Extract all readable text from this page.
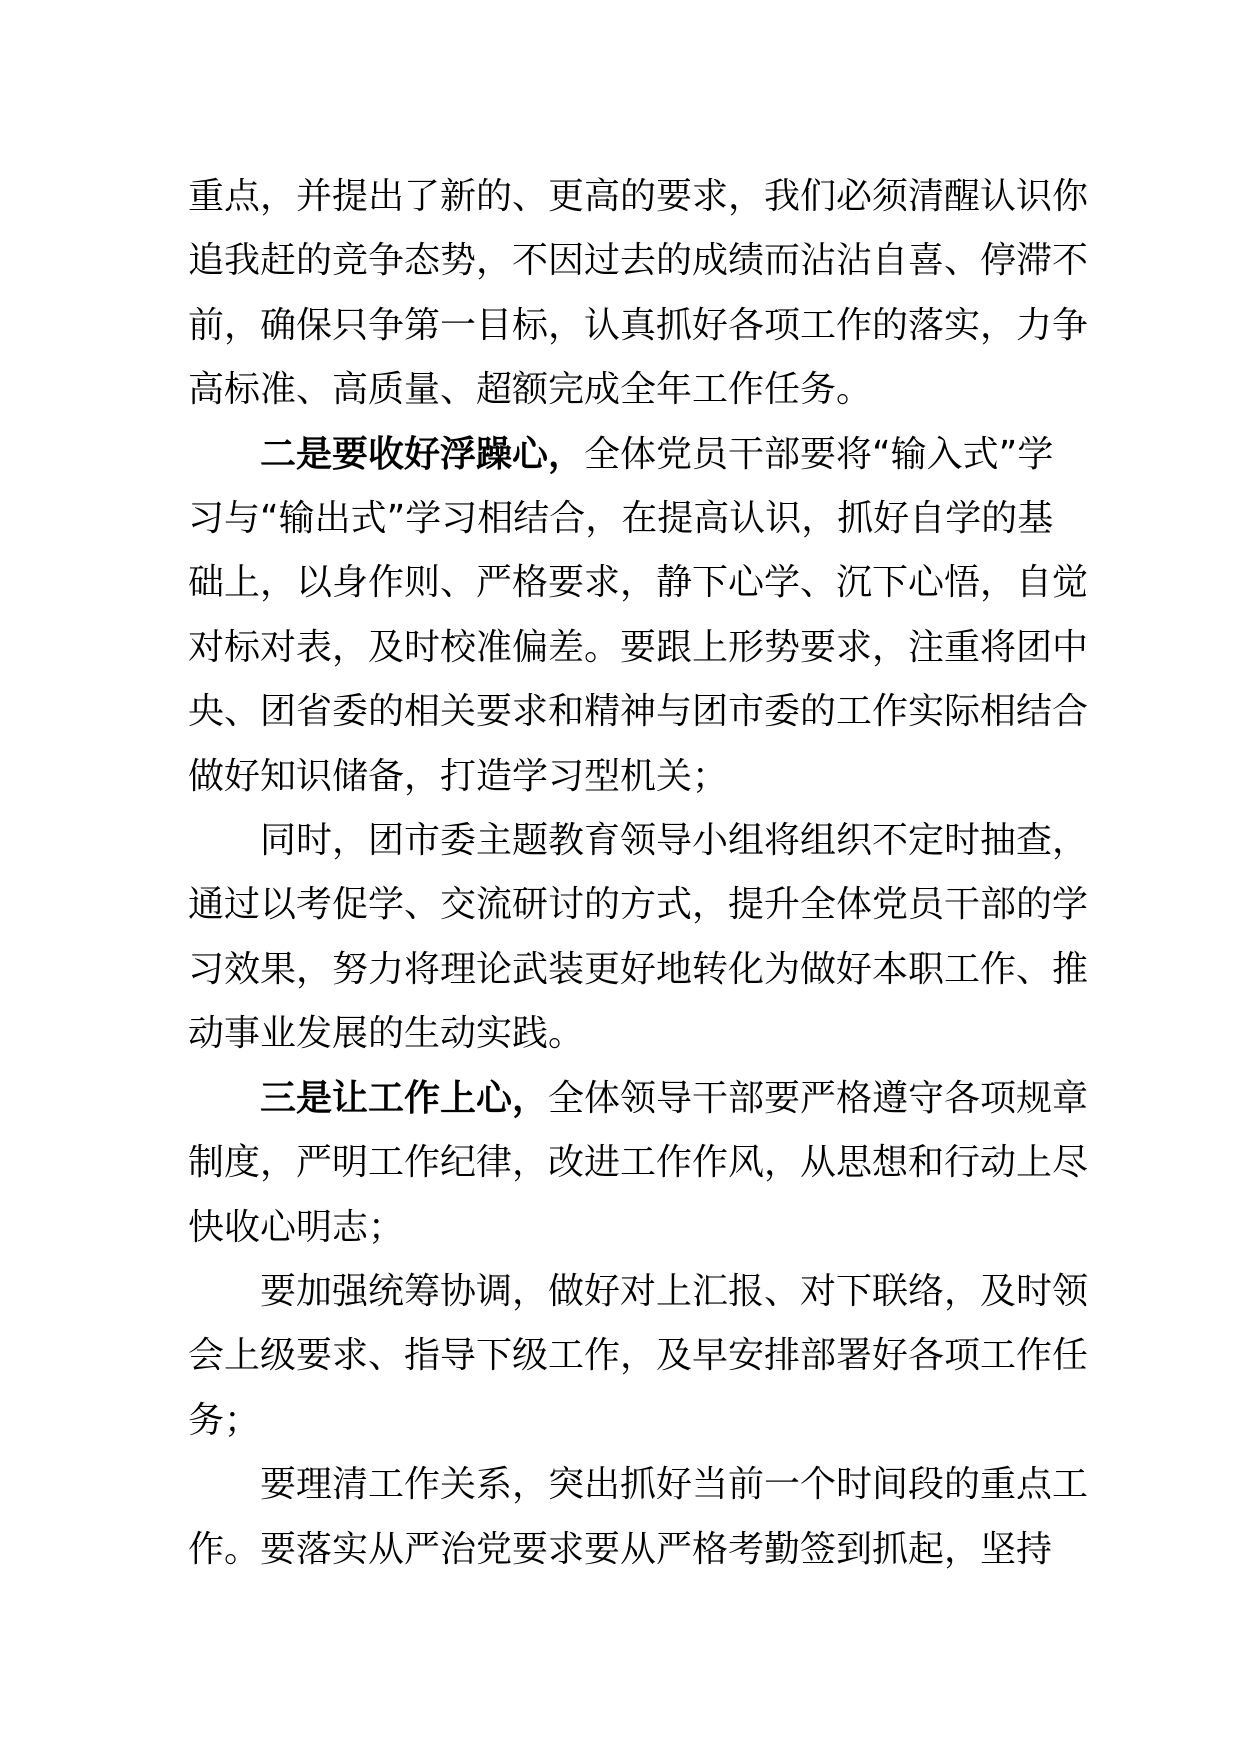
重点，并提出了新的、更高的要求，我们必须清醒认识你
追我赶的竞争态势，不因过去的成绩而沾沾自喜、停滞不
前，确保只争第一目标，认真抓好各项工作的落实，力争
高标准、高质量、超额完成全年工作任务。

二是要收好浮躁心，全体党员干部要将“输入式”学
习与“输出式”学习相结合，在提高认识，抓好自学的基
础上，以身作则、严格要求，静下心学、沉下心悟，自觉
对标对表，及时校准偏差。要跟上形势要求，注重将团中
央、团省委的相关要求和精神与团市委的工作实际相结合
做好知识储备，打造学习型机关；

同时，团市委主题教育领导小组将组织不定时抽查，
通过以考促学、交流研讨的方式，提升全体党员干部的学
习效果，努力将理论武装更好地转化为做好本职工作、推
动事业发展的生动实践。

三是让工作上心，全体领导干部要严格遵守各项规章
制度，严明工作纪律，改进工作作风，从思想和行动上尽
快收心明志；

要加强统筹协调，做好对上汇报、对下联络，及时领
会上级要求、指导下级工作，及早安排部署好各项工作任
务；

要理清工作关系，突出抓好当前一个时间段的重点工
作。要落实从严治党要求要从严格考勤签到抓起，坚持
